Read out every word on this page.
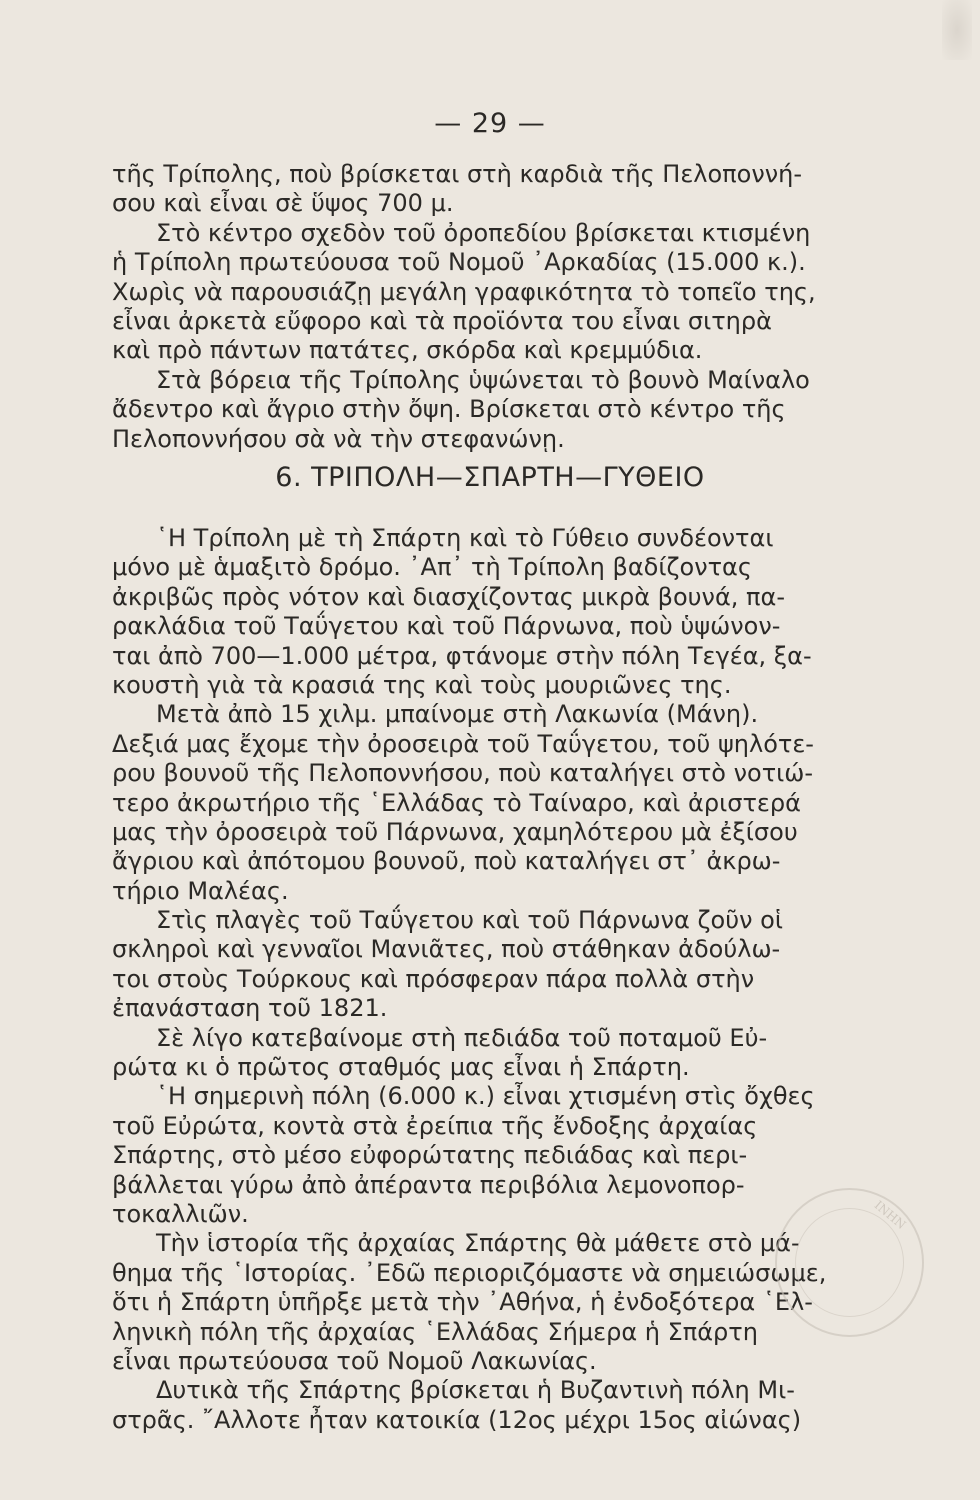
— 29 —
τῆς Τρίπολης, ποὺ βρίσκεται στὴ καρδιὰ τῆς Πελοποννή-
σου καὶ εἶναι σὲ ὕψος 700 μ.
Στὸ κέντρο σχεδὸν τοῦ ὀροπεδίου βρίσκεται κτισμένη
ἡ Τρίπολη πρωτεύουσα τοῦ Νομοῦ ᾿Αρκαδίας (15.000 κ.).
Χωρὶς νὰ παρουσιάζῃ μεγάλη γραφικότητα τὸ τοπεῖο της,
εἶναι ἀρκετὰ εὔφορο καὶ τὰ προϊόντα του εἶναι σιτηρὰ
καὶ πρὸ πάντων πατάτες, σκόρδα καὶ κρεμμύδια.
Στὰ βόρεια τῆς Τρίπολης ὑψώνεται τὸ βουνὸ Μαίναλο
ἄδεντρο καὶ ἄγριο στὴν ὄψη. Βρίσκεται στὸ κέντρο τῆς
Πελοποννήσου σὰ νὰ τὴν στεφανώνῃ.
6. ΤΡΙΠΟΛΗ—ΣΠΑΡΤΗ—ΓΥΘΕΙΟ
῾Η Τρίπολη μὲ τὴ Σπάρτη καὶ τὸ Γύθειο συνδέονται
μόνο μὲ ἁμαξιτὸ δρόμο. ᾿Απ᾿ τὴ Τρίπολη βαδίζοντας
ἀκριβῶς πρὸς νότον καὶ διασχίζοντας μικρὰ βουνά, πα-
ρακλάδια τοῦ Ταΰγετου καὶ τοῦ Πάρνωνα, ποὺ ὑψώνον-
ται ἀπὸ 700—1.000 μέτρα, φτάνομε στὴν πόλη Τεγέα, ξα-
κουστὴ γιὰ τὰ κρασιά της καὶ τοὺς μουριῶνες της.
Μετὰ ἀπὸ 15 χιλμ. μπαίνομε στὴ Λακωνία (Μάνη).
Δεξιά μας ἔχομε τὴν ὀροσειρὰ τοῦ Ταΰγετου, τοῦ ψηλότε-
ρου βουνοῦ τῆς Πελοποννήσου, ποὺ καταλήγει στὸ νοτιώ-
τερο ἀκρωτήριο τῆς ῾Ελλάδας τὸ Ταίναρο, καὶ ἀριστερά
μας τὴν ὀροσειρὰ τοῦ Πάρνωνα, χαμηλότερου μὰ ἐξίσου
ἄγριου καὶ ἀπότομου βουνοῦ, ποὺ καταλήγει στ᾿ ἀκρω-
τήριο Μαλέας.
Στὶς πλαγὲς τοῦ Ταΰγετου καὶ τοῦ Πάρνωνα ζοῦν οἱ
σκληροὶ καὶ γενναῖοι Μανιᾶτες, ποὺ στάθηκαν ἀδούλω-
τοι στοὺς Τούρκους καὶ πρόσφεραν πάρα πολλὰ στὴν
ἐπανάσταση τοῦ 1821.
Σὲ λίγο κατεβαίνομε στὴ πεδιάδα τοῦ ποταμοῦ Εὐ-
ρώτα κι ὁ πρῶτος σταθμός μας εἶναι ἡ Σπάρτη.
῾Η σημερινὴ πόλη (6.000 κ.) εἶναι χτισμένη στὶς ὄχθες
τοῦ Εὐρώτα, κοντὰ στὰ ἐρείπια τῆς ἔνδοξης ἀρχαίας
Σπάρτης, στὸ μέσο εὐφορώτατης πεδιάδας καὶ περι-
βάλλεται γύρω ἀπὸ ἀπέραντα περιβόλια λεμονοπορ-
τοκαλλιῶν.
Τὴν ἱστορία τῆς ἀρχαίας Σπάρτης θὰ μάθετε στὸ μά-
θημα τῆς ῾Ιστορίας. ᾿Εδῶ περιοριζόμαστε νὰ σημειώσωμε,
ὅτι ἡ Σπάρτη ὑπῆρξε μετὰ τὴν ᾿Αθήνα, ἡ ἐνδοξότερα ῾Ελ-
ληνικὴ πόλη τῆς ἀρχαίας ῾Ελλάδας Σήμερα ἡ Σπάρτη
εἶναι πρωτεύουσα τοῦ Νομοῦ Λακωνίας.
Δυτικὰ τῆς Σπάρτης βρίσκεται ἡ Βυζαντινὴ πόλη Μι-
στρᾶς. ῎Αλλοτε ἦταν κατοικία (12ος μέχρι 15ος αἰώνας)
INHN
